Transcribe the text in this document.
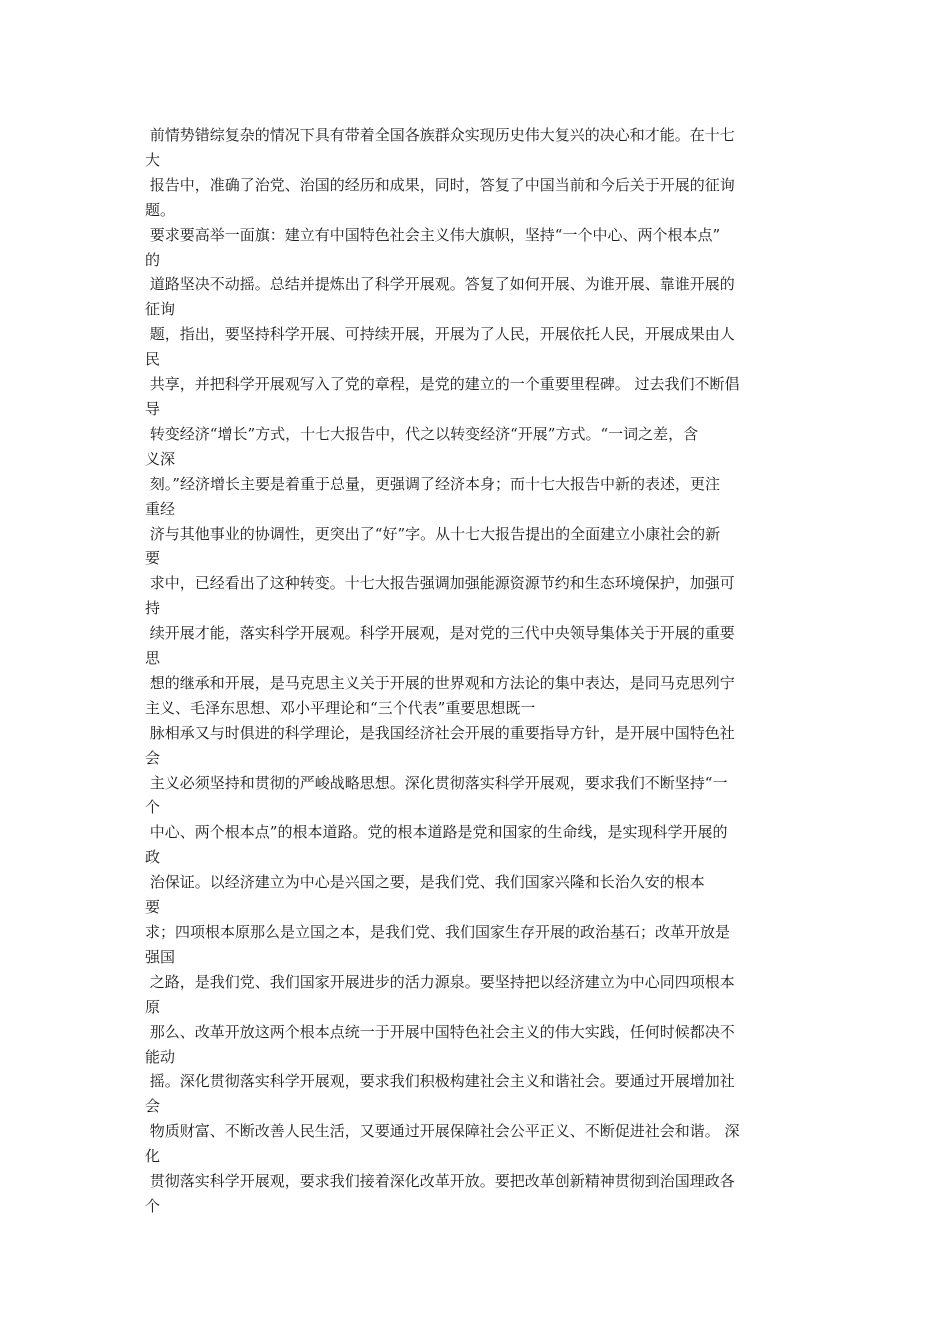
前情势错综复杂的情况下具有带着全国各族群众实现历史伟大复兴的决心和才能。在十七
大

报告中，准确了治党、治国的经历和成果，同时，答复了中国当前和今后关于开展的征询
题。

要求要高举一面旗：建立有中国特色社会主义伟大旗帜，坚持“一个中心、两个根本点”
的

道路坚决不动摇。总结并提炼出了科学开展观。答复了如何开展、为谁开展、靠谁开展的
征询

题，指出，要坚持科学开展、可持续开展，开展为了人民，开展依托人民，开展成果由人
民

共享，并把科学开展观写入了党的章程，是党的建立的一个重要里程碑。 过去我们不断倡
导

转变经济“增长”方式，十七大报告中，代之以转变经济“开展”方式。“一词之差，含
义深

刻。”经济增长主要是着重于总量，更强调了经济本身；而十七大报告中新的表述，更注
重经

济与其他事业的协调性，更突出了“好”字。从十七大报告提出的全面建立小康社会的新
要

求中，已经看出了这种转变。十七大报告强调加强能源资源节约和生态环境保护，加强可
持

续开展才能，落实科学开展观。科学开展观，是对党的三代中央领导集体关于开展的重要
思

想的继承和开展，是马克思主义关于开展的世界观和方法论的集中表达，是同马克思列宁
主义、毛泽东思想、邓小平理论和“三个代表”重要思想既一

脉相承又与时俱进的科学理论，是我国经济社会开展的重要指导方针，是开展中国特色社
会

主义必须坚持和贯彻的严峻战略思想。深化贯彻落实科学开展观，要求我们不断坚持“一
个

中心、两个根本点”的根本道路。党的根本道路是党和国家的生命线，是实现科学开展的
政

治保证。以经济建立为中心是兴国之要，是我们党、我们国家兴隆和长治久安的根本
要

求；四项根本原那么是立国之本，是我们党、我们国家生存开展的政治基石；改革开放是
强国

之路，是我们党、我们国家开展进步的活力源泉。要坚持把以经济建立为中心同四项根本
原

那么、改革开放这两个根本点统一于开展中国特色社会主义的伟大实践，任何时候都决不
能动

摇。深化贯彻落实科学开展观，要求我们积极构建社会主义和谐社会。要通过开展增加社
会

物质财富、不断改善人民生活，又要通过开展保障社会公平正义、不断促进社会和谐。 深
化

贯彻落实科学开展观，要求我们接着深化改革开放。要把改革创新精神贯彻到治国理政各
个
